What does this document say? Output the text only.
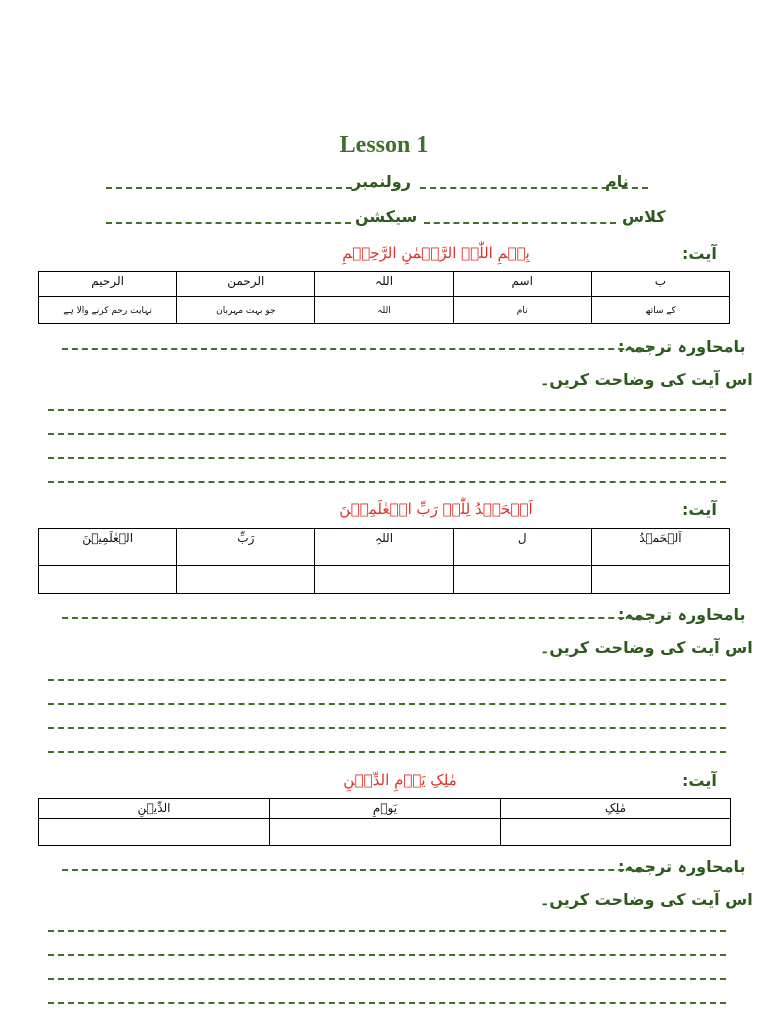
Lesson 1
نام
رولنمبر
کلاس
سیکشن
آیت:
بِسۡمِ اللّٰہِ الرَّحۡمٰنِ الرَّحِیۡمِ
ب	اسم	اللہ	الرحمن	الرحیم
کے ساتھ	نام	اللہ	جو بہت مہربان	نہایت رحم کرنے والا ہے
بامحاورہ ترجمہ:
اس آیت کی وضاحت کریں۔
آیت:
اَلۡحَمۡدُ لِلّٰہِ رَبِّ الۡعٰلَمِیۡنَ
اَلۡحَمۡدُ	ل	اللہِ	رَبِّ	الۡعٰلَمِیۡنَ

بامحاورہ ترجمہ:
اس آیت کی وضاحت کریں۔
آیت:
مٰلِکِ یَوۡمِ الدِّیۡنِ
مٰلِکِ	یَوۡمِ	الدِّیۡنِ

بامحاورہ ترجمہ:
اس آیت کی وضاحت کریں۔
